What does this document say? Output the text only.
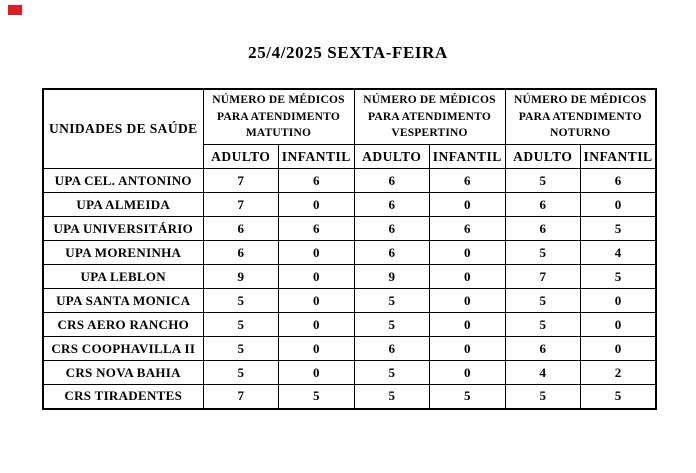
25/4/2025 SEXTA-FEIRA
UNIDADES DE SAÚDE	NÚMERO DE MÉDICOS PARA ATENDIMENTO MATUTINO		NÚMERO DE MÉDICOS PARA ATENDIMENTO VESPERTINO		NÚMERO DE MÉDICOS PARA ATENDIMENTO NOTURNO	
	ADULTO	INFANTIL	ADULTO	INFANTIL	ADULTO	INFANTIL
UPA CEL. ANTONINO	7	6	6	6	5	6
UPA ALMEIDA	7	0	6	0	6	0
UPA UNIVERSITÁRIO	6	6	6	6	6	5
UPA MORENINHA	6	0	6	0	5	4
UPA LEBLON	9	0	9	0	7	5
UPA SANTA MONICA	5	0	5	0	5	0
CRS AERO RANCHO	5	0	5	0	5	0
CRS COOPHAVILLA II	5	0	6	0	6	0
CRS NOVA BAHIA	5	0	5	0	4	2
CRS TIRADENTES	7	5	5	5	5	5
